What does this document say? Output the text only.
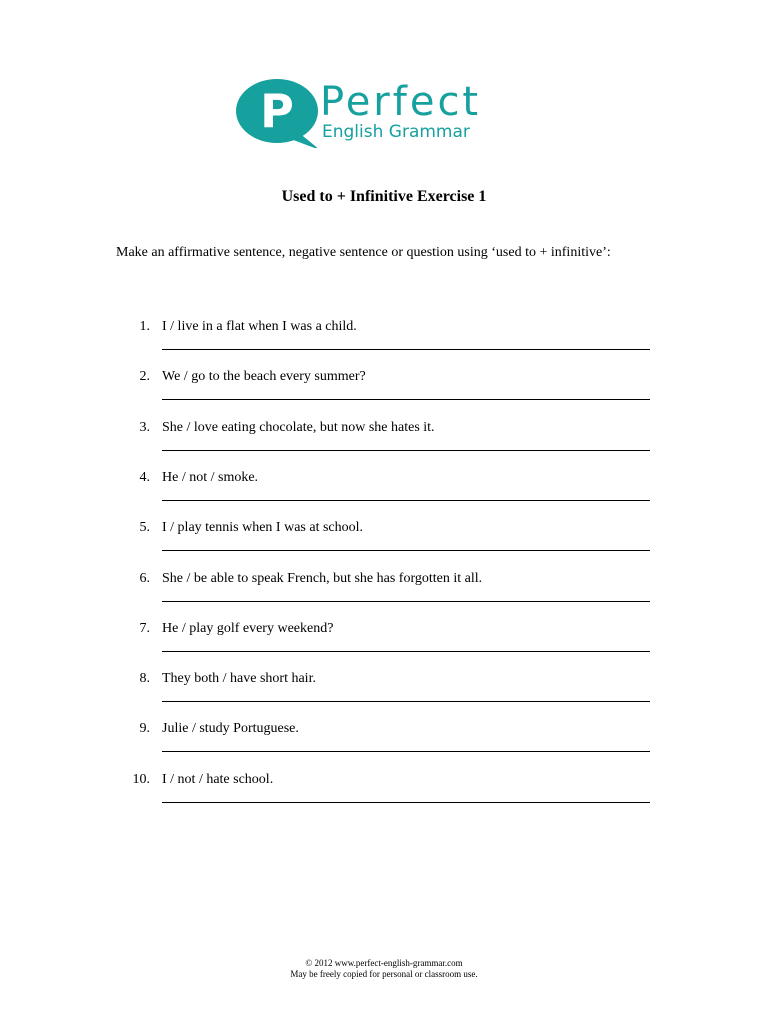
P Perfect
English Grammar
Used to + Infinitive Exercise 1
Make an affirmative sentence, negative sentence or question using ‘used to + infinitive’:
1. I / live in a flat when I was a child.
2. We / go to the beach every summer?
3. She / love eating chocolate, but now she hates it.
4. He / not / smoke.
5. I / play tennis when I was at school.
6. She / be able to speak French, but she has forgotten it all.
7. He / play golf every weekend?
8. They both / have short hair.
9. Julie / study Portuguese.
10. I / not / hate school.
© 2012 www.perfect-english-grammar.com
May be freely copied for personal or classroom use.
